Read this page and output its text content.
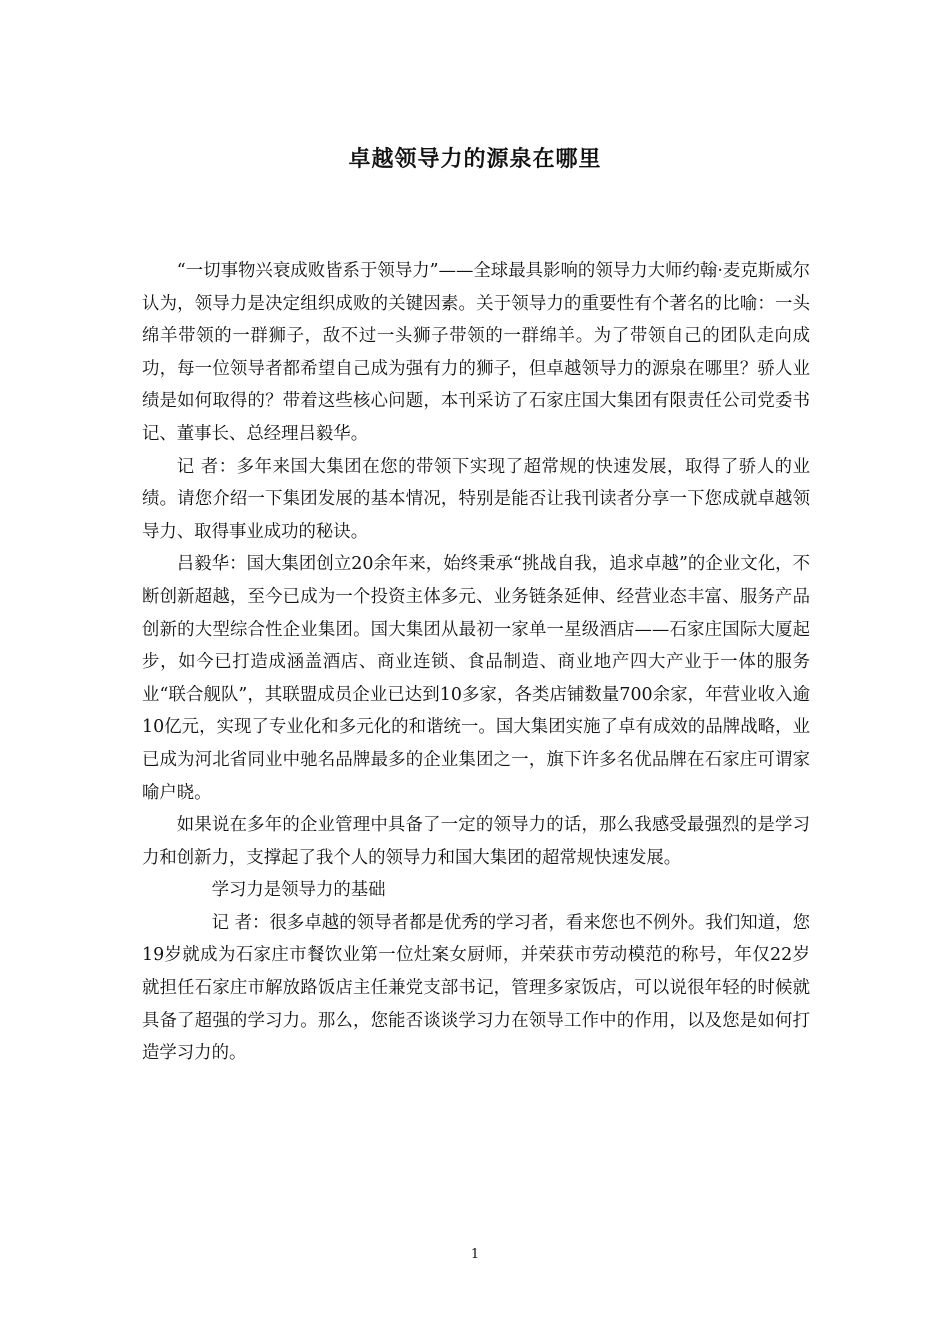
卓越领导力的源泉在哪里

“一切事物兴衰成败皆系于领导力”——全球最具影响的领导力大师约翰·麦克斯威尔认为，领导力是决定组织成败的关键因素。关于领导力的重要性有个著名的比喻：一头绵羊带领的一群狮子，敌不过一头狮子带领的一群绵羊。为了带领自己的团队走向成功，每一位领导者都希望自己成为强有力的狮子，但卓越领导力的源泉在哪里？骄人业绩是如何取得的？带着这些核心问题，本刊采访了石家庄国大集团有限责任公司党委书记、董事长、总经理吕毅华。

记 者：多年来国大集团在您的带领下实现了超常规的快速发展，取得了骄人的业绩。请您介绍一下集团发展的基本情况，特别是能否让我刊读者分享一下您成就卓越领导力、取得事业成功的秘诀。

吕毅华：国大集团创立20余年来，始终秉承“挑战自我，追求卓越”的企业文化，不断创新超越，至今已成为一个投资主体多元、业务链条延伸、经营业态丰富、服务产品创新的大型综合性企业集团。国大集团从最初一家单一星级酒店——石家庄国际大厦起步，如今已打造成涵盖酒店、商业连锁、食品制造、商业地产四大产业于一体的服务业“联合舰队”，其联盟成员企业已达到10多家，各类店铺数量700余家，年营业收入逾10亿元，实现了专业化和多元化的和谐统一。国大集团实施了卓有成效的品牌战略，业已成为河北省同业中驰名品牌最多的企业集团之一，旗下许多名优品牌在石家庄可谓家喻户晓。

如果说在多年的企业管理中具备了一定的领导力的话，那么我感受最强烈的是学习力和创新力，支撑起了我个人的领导力和国大集团的超常规快速发展。

学习力是领导力的基础

记 者：很多卓越的领导者都是优秀的学习者，看来您也不例外。我们知道，您19岁就成为石家庄市餐饮业第一位灶案女厨师，并荣获市劳动模范的称号，年仅22岁就担任石家庄市解放路饭店主任兼党支部书记，管理多家饭店，可以说很年轻的时候就具备了超强的学习力。那么，您能否谈谈学习力在领导工作中的作用，以及您是如何打造学习力的。

1
